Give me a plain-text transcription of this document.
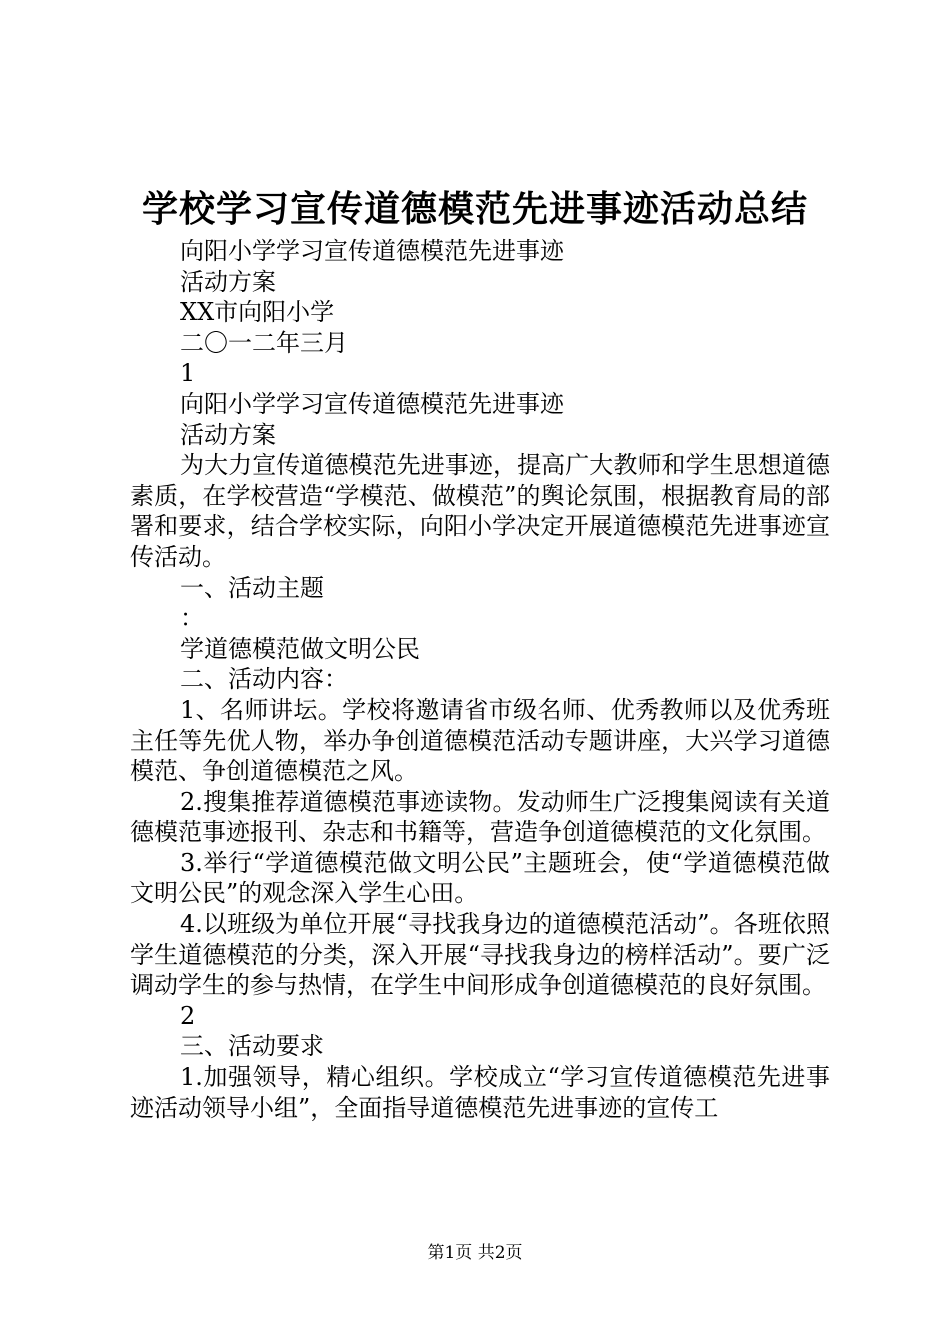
学校学习宣传道德模范先进事迹活动总结

向阳小学学习宣传道德模范先进事迹

活动方案

XX市向阳小学

二〇一二年三月

1

向阳小学学习宣传道德模范先进事迹

活动方案

为大力宣传道德模范先进事迹，提高广大教师和学生思想道德素质，在学校营造“学模范、做模范”的舆论氛围，根据教育局的部署和要求，结合学校实际，向阳小学决定开展道德模范先进事迹宣传活动。

一、活动主题

：

学道德模范做文明公民

二、活动内容：

1、名师讲坛。学校将邀请省市级名师、优秀教师以及优秀班主任等先优人物，举办争创道德模范活动专题讲座，大兴学习道德模范、争创道德模范之风。

2.搜集推荐道德模范事迹读物。发动师生广泛搜集阅读有关道德模范事迹报刊、杂志和书籍等，营造争创道德模范的文化氛围。

3.举行“学道德模范做文明公民”主题班会，使“学道德模范做文明公民”的观念深入学生心田。

4.以班级为单位开展“寻找我身边的道德模范活动”。各班依照学生道德模范的分类，深入开展“寻找我身边的榜样活动”。要广泛调动学生的参与热情，在学生中间形成争创道德模范的良好氛围。

2

三、活动要求

1.加强领导，精心组织。学校成立“学习宣传道德模范先进事迹活动领导小组”，全面指导道德模范先进事迹的宣传工

第1页 共2页
